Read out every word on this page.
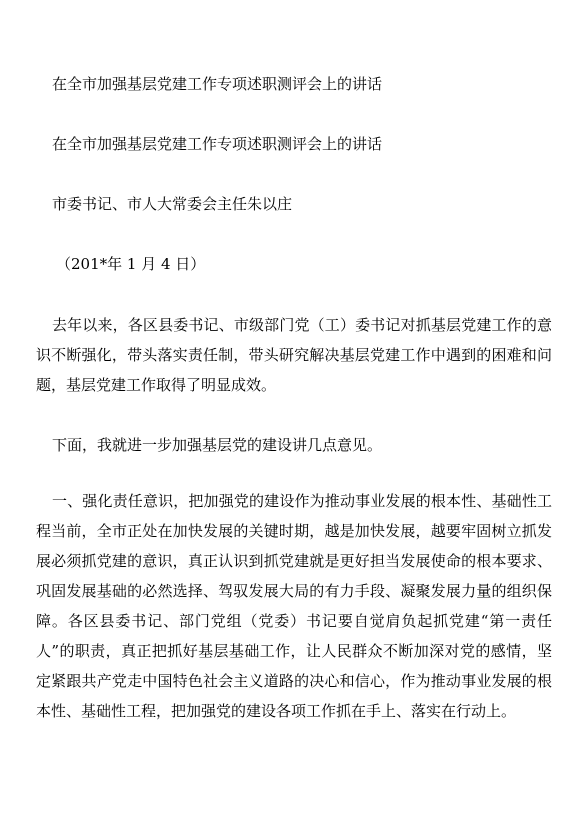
在全市加强基层党建工作专项述职测评会上的讲话
在全市加强基层党建工作专项述职测评会上的讲话
市委书记、市人大常委会主任朱以庄
（201*年 1 月 4 日）

去年以来，各区县委书记、市级部门党（工）委书记对抓基层党建工作的意识不断强化，带头落实责任制，带头研究解决基层党建工作中遇到的困难和问题，基层党建工作取得了明显成效。

下面，我就进一步加强基层党的建设讲几点意见。

一、强化责任意识，把加强党的建设作为推动事业发展的根本性、基础性工程当前，全市正处在加快发展的关键时期，越是加快发展，越要牢固树立抓发展必须抓党建的意识，真正认识到抓党建就是更好担当发展使命的根本要求、巩固发展基础的必然选择、驾驭发展大局的有力手段、凝聚发展力量的组织保障。各区县委书记、部门党组（党委）书记要自觉肩负起抓党建“第一责任人”的职责，真正把抓好基层基础工作，让人民群众不断加深对党的感情，坚定紧跟共产党走中国特色社会主义道路的决心和信心，作为推动事业发展的根本性、基础性工程，把加强党的建设各项工作抓在手上、落实在行动上。
